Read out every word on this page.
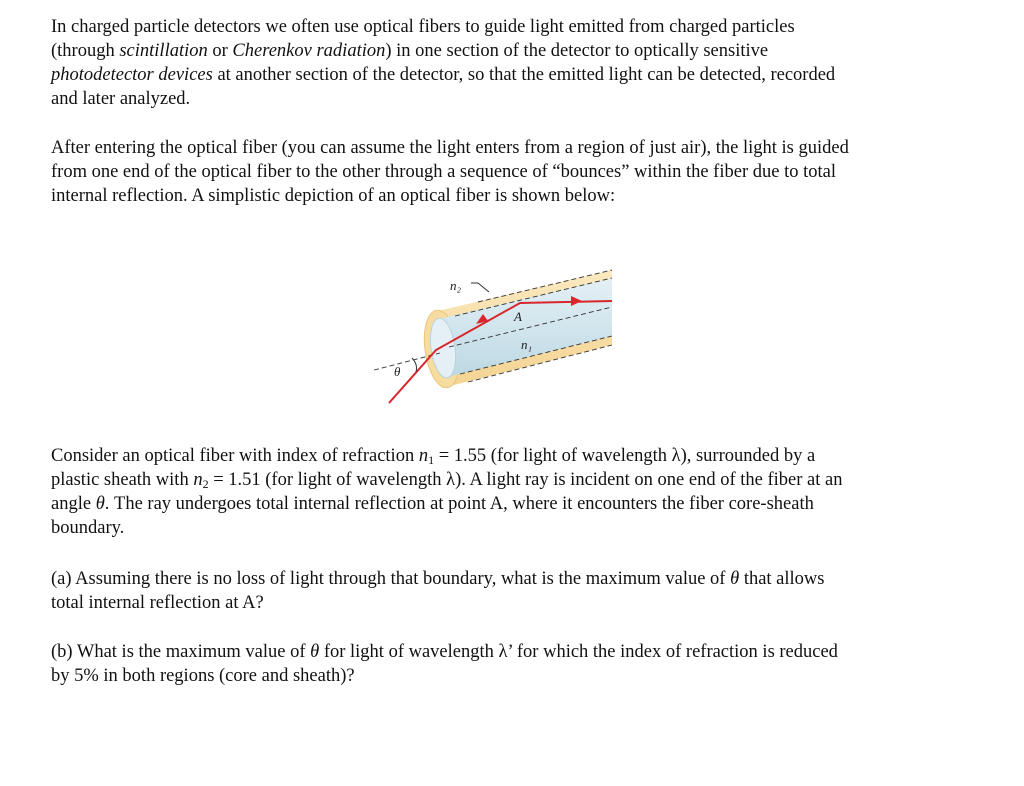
In charged particle detectors we often use optical fibers to guide light emitted from charged particles
(through scintillation or Cherenkov radiation) in one section of the detector to optically sensitive
photodetector devices at another section of the detector, so that the emitted light can be detected, recorded
and later analyzed.

After entering the optical fiber (you can assume the light enters from a region of just air), the light is guided
from one end of the optical fiber to the other through a sequence of “bounces” within the fiber due to total
internal reflection. A simplistic depiction of an optical fiber is shown below:

n₂
A
n₁
θ

Consider an optical fiber with index of refraction $n_1 = 1.55$ (for light of wavelength λ), surrounded by a
plastic sheath with $n_2 = 1.51$ (for light of wavelength λ). A light ray is incident on one end of the fiber at an
angle θ. The ray undergoes total internal reflection at point A, where it encounters the fiber core-sheath
boundary.

(a) Assuming there is no loss of light through that boundary, what is the maximum value of θ that allows
total internal reflection at A?

(b) What is the maximum value of θ for light of wavelength λ’ for which the index of refraction is reduced
by 5% in both regions (core and sheath)?
